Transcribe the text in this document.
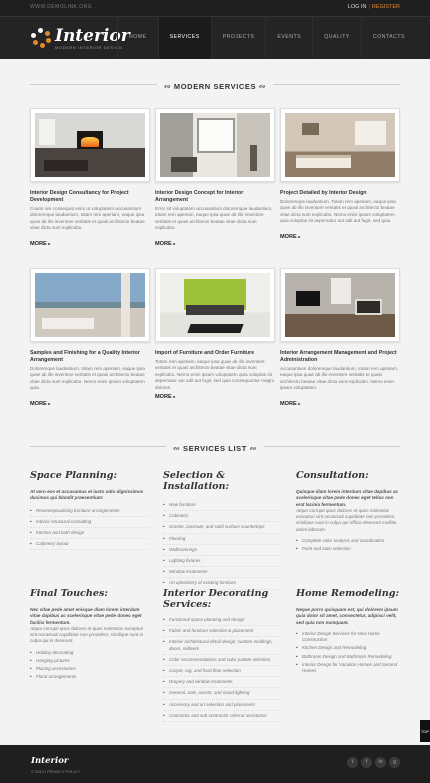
WWW.DEMOLINK.ORG	LOG IN | REGISTER
Interior
MODERN INTERIOR DESIGN
HOME	SERVICES	PROJECTS	EVENTS	QUALITY	CONTACTS
∾ MODERN SERVICES ∾
Interior Design Consultancy for Project Development
Coutin nisi consequat enim ut voluptatem accusantium doloremque laudantium, totam rem aperiam, eaque ipsa quae ab illo inventore veritatis et quasi architecto beatae vitae dicta sunt explicabo.
MORE ▸
Interior Design Concept for Interior Arrangement
Error sit voluptatem accusantium doloremque laudantium, totam rem aperiam, eaque ipsa quae ab illo inventore veritatis et quasi architecto beatae vitae dicta sunt explicabo.
MORE ▸
Project Detailed by Interior Design
Doloremque laudantium, Totam rem aperiam, eaque ipsa quae ab illo inventore veritatis et quasi architecto beatae vitae dicta sunt explicabo. Nemo enim ipsam voluptatem quia voluptas sit aspernatur aut odit aut fugit, sed quia.
MORE ▸
Samples and Finishing for a Quality Interior Arrangement
Doloremque laudantium, totam rem aperiam, eaque ipsa quae ab illo inventore veritatis et quasi architecto beatae vitae dicta sunt explicabo. Nemo enim ipsam voluptatem quia.
MORE ▸
Import of Furniture and Order Furniture
Totam rem aperiam, eaque ipsa quae ab illo inventore veritatis et quasi architecto beatae vitae dicta sunt explicabo. Nemo enim ipsam voluptatem quia voluptas sit aspernatur aut odit aut fugit, sed quia consequuntur magni dolores.
MORE ▸
Interior Arrangement Management and Project Administration
Accusantium doloremque laudantium, totam rem aperiam, eaque ipsa quae ab illo inventore veritatis et quasi architecto beatae vitae dicta sunt explicabo. Nemo enim ipsam voluptatem.
MORE ▸
∾ SERVICES LIST ∾
Space Planning:
At vero eos et accusamus et iusto odio dignissimos ducimus qui blandit praesentium:
• Reconceptualizing furniture arrangements
• Interior structural consulting
• Kitchen and bath design
• Cabinetry layout
Selection & Installation:
• New furniture
• Cabinetry
• Granite, laminate, and solid surface countertops
• Flooring
• Wallcoverings
• Lighting fixtures
• Window treatments
• Art upholstery of existing furniture
Consultation:
Quisque diam lorem interdum vitae dapibus ac scelerisque vitae pede donec eget tellus non erat lacinia fermentum.
Atque corrupti quos dolores et quas molestias excepturi sint occaecati cupiditate non provident, similique sunt in culpa qui officia deserunt mollitia animi laborum.
• Complete color analysis and coordination
• Paint and stain selection
Final Touches:
Nec vitae pede amet enisque diam lorem interdum vitae dapibus ac scelerisque vitae pede donec eget facilisi fermentum.
Atque corrupti quos dolores et quas molestias excepturi sint occaecati cupiditate non provident, similique sunt in culpa qui in deserunt.
• Holiday decorating
• Hanging pictures
• Placing accessories
• Floral arrangements
Interior Decorating Services:
• Functional space planning and design
• Fabric and furniture selection & placement
• Interior architectural detail design: custom moldings, doors, millwork
• Color recommendations and color palette selection
• Carpet, rug, and hard floor selection
• Drapery and window treatments
• General, task, accent, and mood lighting
• Accessory and art selection and placement
• Contractor and sub-contractor referral assistance
Home Remodeling:
Neque porro quisquam est, qui dolorem ipsum quia dolor sit amet, consectetur, adipisci velit, sed quia non numquam.
• Interior Design Services for New Home Construction
• Kitchen Design and Remodeling
• Bathroom Design and Bathroom Remodeling
• Interior Design for Vacation Homes and Second Homes
TOP
Interior
© 2013 | PRIVACY POLICY
t	f	in	g
